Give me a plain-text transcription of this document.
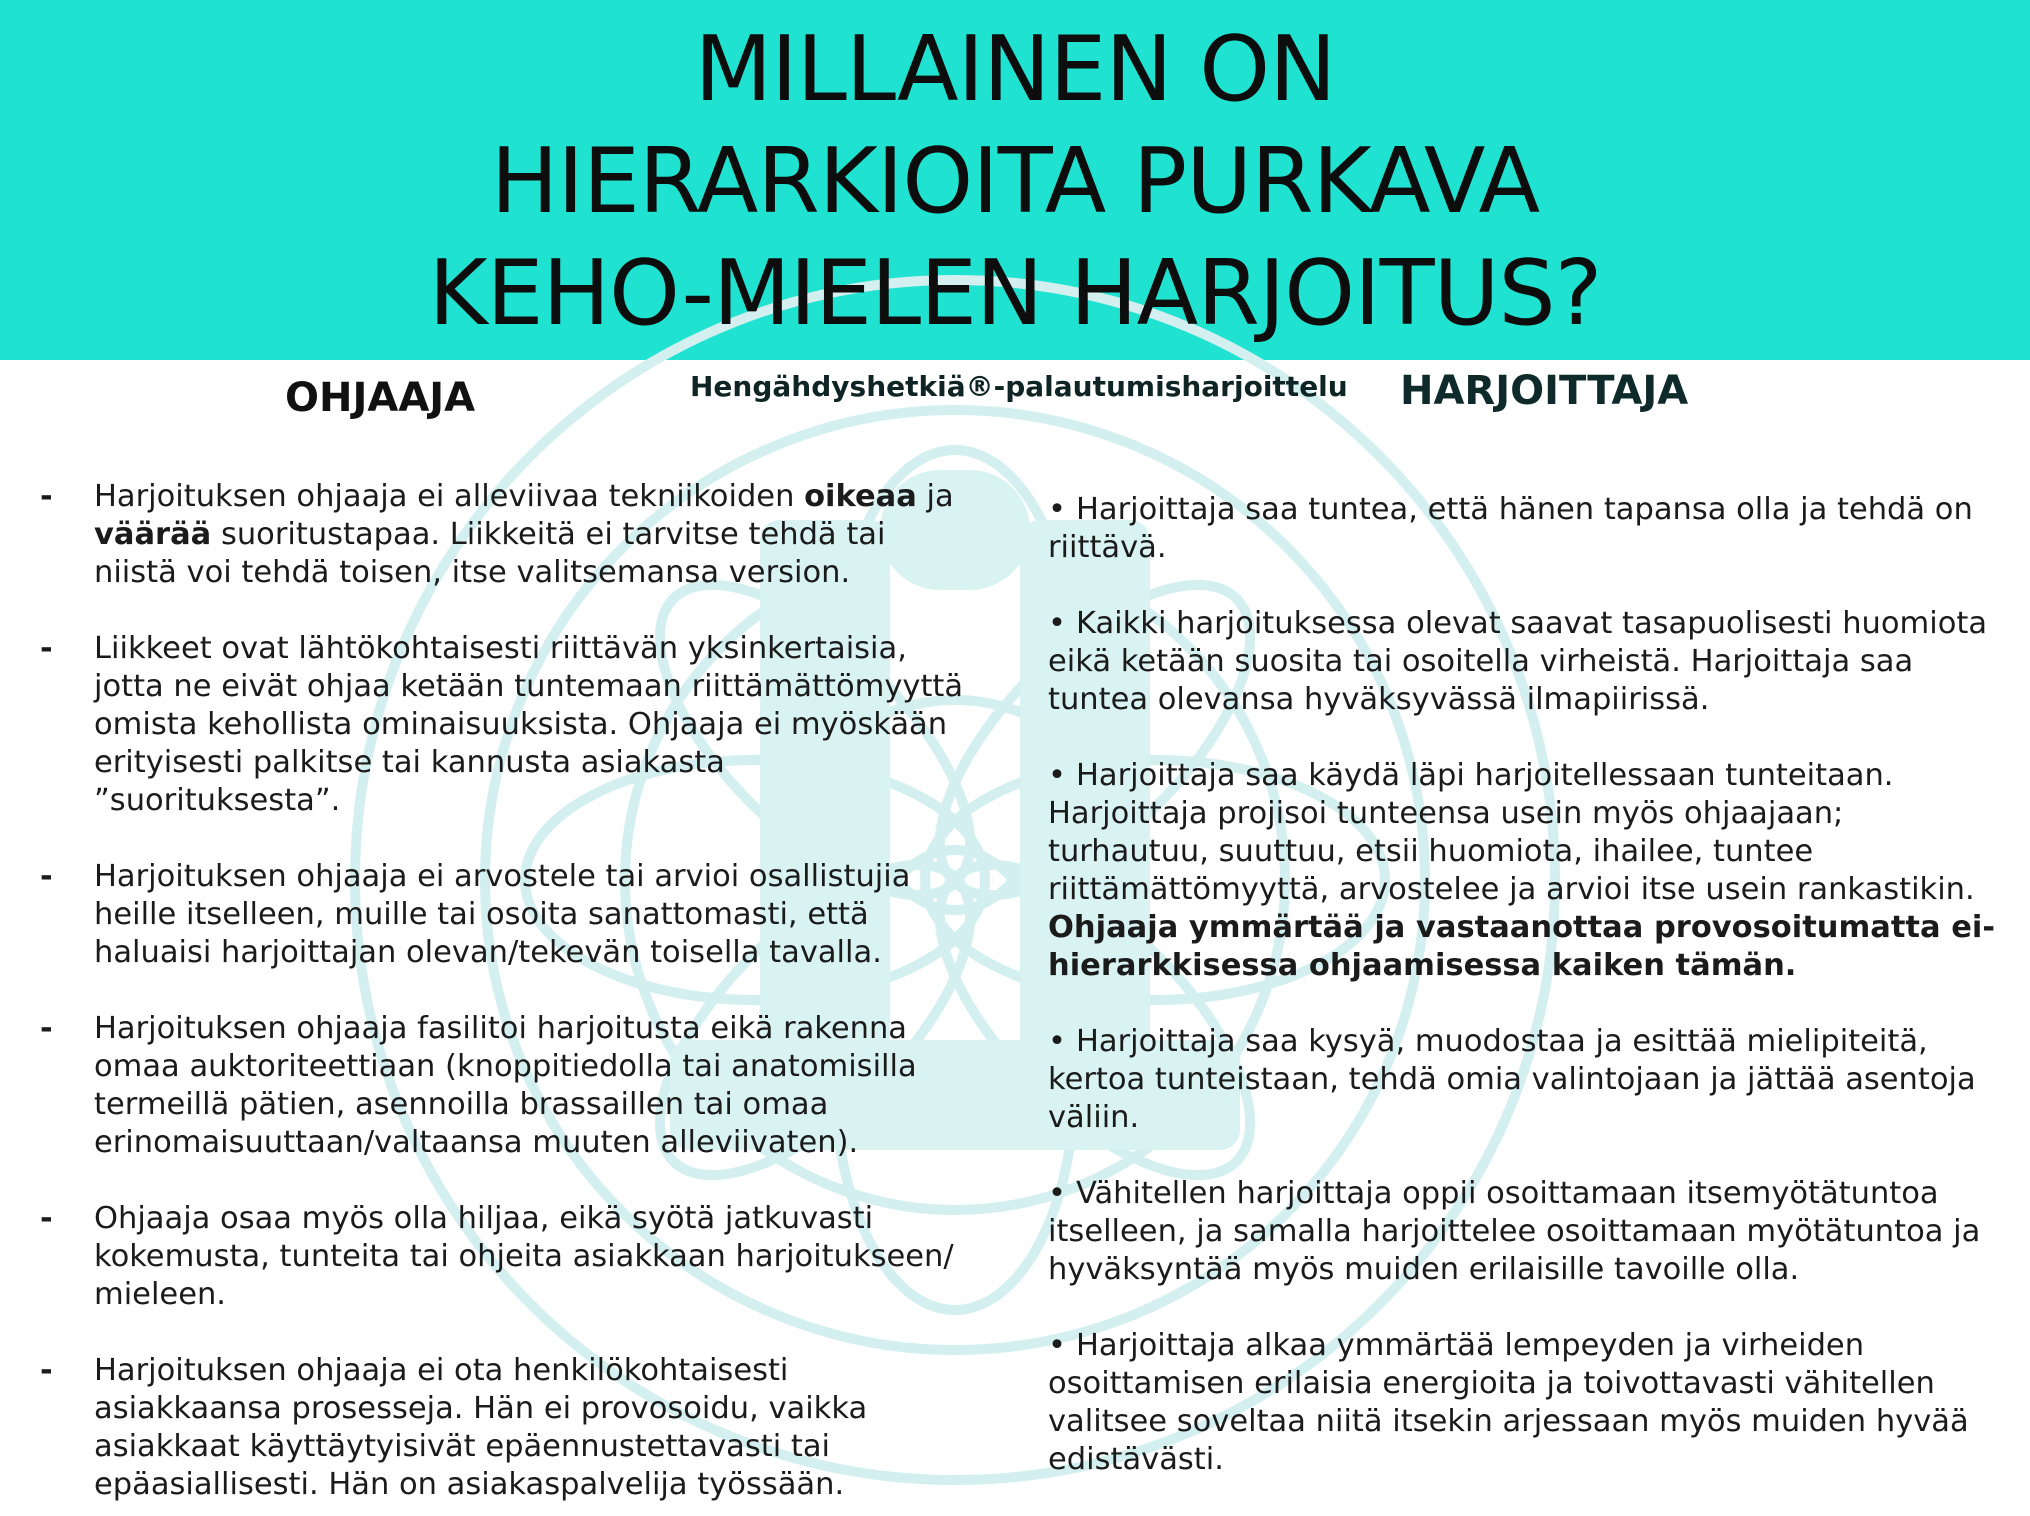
MILLAINEN ON
HIERARKIOITA PURKAVA
KEHO-MIELEN HARJOITUS?
OHJAAJA	Hengähdyshetkiä®-palautumisharjoittelu HARJOITTAJA
- Harjoituksen ohjaaja ei alleviivaa tekniikoiden oikeaa ja väärää suoritustapaa. Liikkeitä ei tarvitse tehdä tai niistä voi tehdä toisen, itse valitsemansa version.
- Liikkeet ovat lähtökohtaisesti riittävän yksinkertaisia, jotta ne eivät ohjaa ketään tuntemaan riittämättömyyttä omista kehollista ominaisuuksista. Ohjaaja ei myöskään erityisesti palkitse tai kannusta asiakasta ”suorituksesta”.
- Harjoituksen ohjaaja ei arvostele tai arvioi osallistujia heille itselleen, muille tai osoita sanattomasti, että haluaisi harjoittajan olevan/tekevän toisella tavalla.
- Harjoituksen ohjaaja fasilitoi harjoitusta eikä rakenna omaa auktoriteettiaan (knoppitiedolla tai anatomisilla termeillä pätien, asennoilla brassaillen tai omaa erinomaisuuttaan/valtaansa muuten alleviivaten).
- Ohjaaja osaa myös olla hiljaa, eikä syötä jatkuvasti kokemusta, tunteita tai ohjeita asiakkaan harjoitukseen/ mieleen.
- Harjoituksen ohjaaja ei ota henkilökohtaisesti asiakkaansa prosesseja. Hän ei provosoidu, vaikka asiakkaat käyttäytyisivät epäennustettavasti tai epäasiallisesti. Hän on asiakaspalvelija työssään.

• Harjoittaja saa tuntea, että hänen tapansa olla ja tehdä on riittävä.

• Kaikki harjoituksessa olevat saavat tasapuolisesti huomiota eikä ketään suosita tai osoitella virheistä. Harjoittaja saa tuntea olevansa hyväksyvässä ilmapiirissä.

• Harjoittaja saa käydä läpi harjoitellessaan tunteitaan. Harjoittaja projisoi tunteensa usein myös ohjaajaan; turhautuu, suuttuu, etsii huomiota, ihailee, tuntee riittämättömyyttä, arvostelee ja arvioi itse usein rankastikin.
Ohjaaja ymmärtää ja vastaanottaa provosoitumatta ei-hierarkkisessa ohjaamisessa kaiken tämän.

• Harjoittaja saa kysyä, muodostaa ja esittää mielipiteitä, kertoa tunteistaan, tehdä omia valintojaan ja jättää asentoja väliin.

• Vähitellen harjoittaja oppii osoittamaan itsemyötätuntoa itselleen, ja samalla harjoittelee osoittamaan myötätuntoa ja hyväksyntää myös muiden erilaisille tavoille olla.

• Harjoittaja alkaa ymmärtää lempeyden ja virheiden osoittamisen erilaisia energioita ja toivottavasti vähitellen valitsee soveltaa niitä itsekin arjessaan myös muiden hyvää edistävästi.
